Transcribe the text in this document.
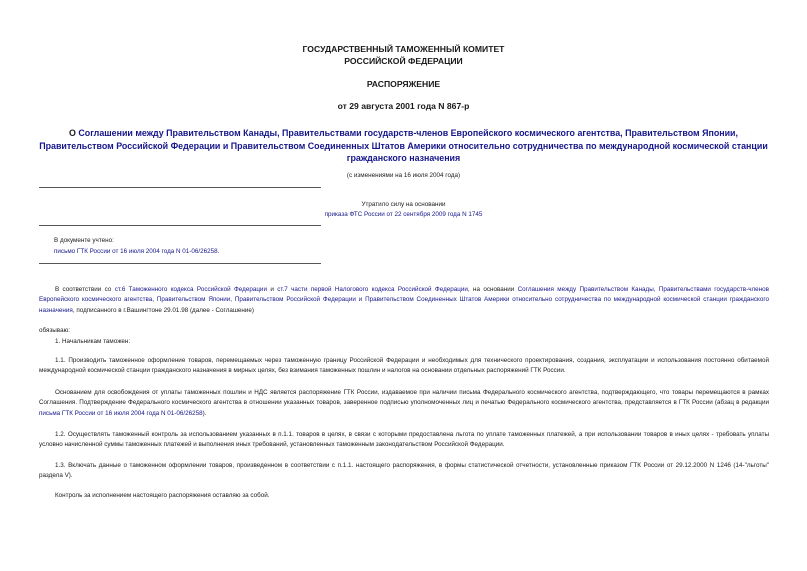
ГОСУДАРСТВЕННЫЙ ТАМОЖЕННЫЙ КОМИТЕТ
РОССИЙСКОЙ ФЕДЕРАЦИИ
РАСПОРЯЖЕНИЕ
от 29 августа 2001 года N 867-р
О Соглашении между Правительством Канады, Правительствами государств-членов Европейского космического агентства, Правительством Японии, Правительством Российской Федерации и Правительством Соединенных Штатов Америки относительно сотрудничества по международной космической станции гражданского назначения
(с изменениями на 16 июля 2004 года)
Утратило силу на основании
приказа ФТС России от 22 сентября 2009 года N 1745
В документе учтено:
письмо ГТК России от 16 июля 2004 года N 01-06/26258.
В соответствии со ст.6 Таможенного кодекса Российской Федерации и ст.7 части первой Налогового кодекса Российской Федерации, на основании Соглашения между Правительством Канады, Правительствами государств-членов Европейского космического агентства, Правительством Японии, Правительством Российской Федерации и Правительством Соединенных Штатов Америки относительно сотрудничества по международной космической станции гражданского назначения, подписанного в г.Вашингтоне 29.01.98 (далее - Соглашение)
обязываю:
1. Начальникам таможен:
1.1. Производить таможенное оформление товаров, перемещаемых через таможенную границу Российской Федерации и необходимых для технического проектирования, создания, эксплуатации и использования постоянно обитаемой международной космической станции гражданского назначения в мирных целях, без взимания таможенных пошлин и налогов на основании отдельных распоряжений ГТК России.
Основанием для освобождения от уплаты таможенных пошлин и НДС является распоряжение ГТК России, издаваемое при наличии письма Федерального космического агентства, подтверждающего, что товары перемещаются в рамках Соглашения. Подтверждение Федерального космического агентства в отношении указанных товаров, заверенное подписью уполномоченных лиц и печатью Федерального космического агентства, представляется в ГТК России (абзац в редакции письма ГТК России от 16 июля 2004 года N 01-06/26258).
1.2. Осуществлять таможенный контроль за использованием указанных в п.1.1. товаров в целях, в связи с которыми предоставлена льгота по уплате таможенных платежей, а при использовании товаров в иных целях - требовать уплаты условно начисленной суммы таможенных платежей и выполнения иных требований, установленных таможенным законодательством Российской Федерации.
1.3. Включать данные о таможенном оформлении товаров, произведенном в соответствии с п.1.1. настоящего распоряжения, в формы статистической отчетности, установленные приказом ГТК России от 29.12.2000 N 1246 (14-"льготы" раздела V).
Контроль за исполнением настоящего распоряжения оставляю за собой.
